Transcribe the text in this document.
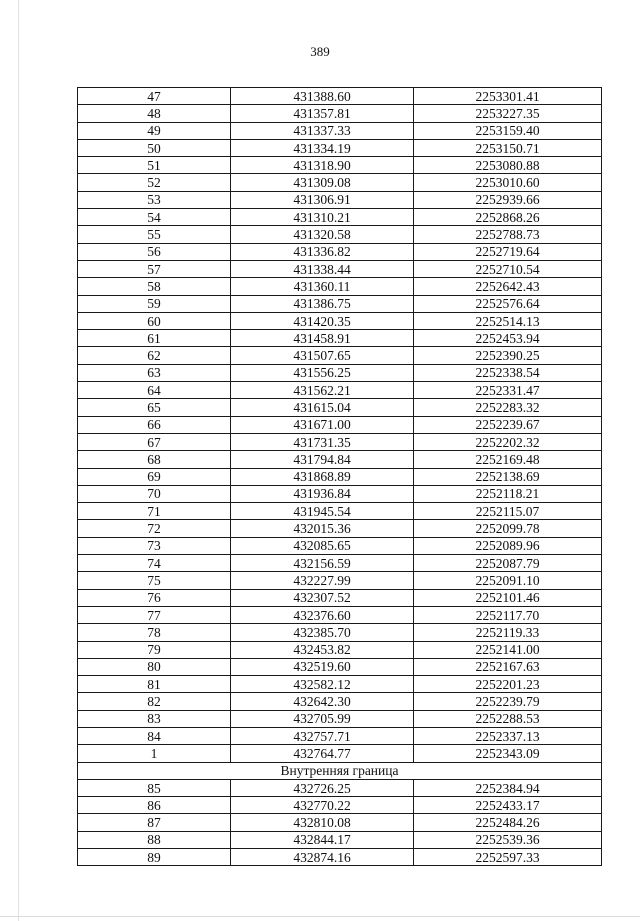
389
47	431388.60	2253301.41
48	431357.81	2253227.35
49	431337.33	2253159.40
50	431334.19	2253150.71
51	431318.90	2253080.88
52	431309.08	2253010.60
53	431306.91	2252939.66
54	431310.21	2252868.26
55	431320.58	2252788.73
56	431336.82	2252719.64
57	431338.44	2252710.54
58	431360.11	2252642.43
59	431386.75	2252576.64
60	431420.35	2252514.13
61	431458.91	2252453.94
62	431507.65	2252390.25
63	431556.25	2252338.54
64	431562.21	2252331.47
65	431615.04	2252283.32
66	431671.00	2252239.67
67	431731.35	2252202.32
68	431794.84	2252169.48
69	431868.89	2252138.69
70	431936.84	2252118.21
71	431945.54	2252115.07
72	432015.36	2252099.78
73	432085.65	2252089.96
74	432156.59	2252087.79
75	432227.99	2252091.10
76	432307.52	2252101.46
77	432376.60	2252117.70
78	432385.70	2252119.33
79	432453.82	2252141.00
80	432519.60	2252167.63
81	432582.12	2252201.23
82	432642.30	2252239.79
83	432705.99	2252288.53
84	432757.71	2252337.13
1	432764.77	2252343.09
Внутренняя граница		
85	432726.25	2252384.94
86	432770.22	2252433.17
87	432810.08	2252484.26
88	432844.17	2252539.36
89	432874.16	2252597.33
